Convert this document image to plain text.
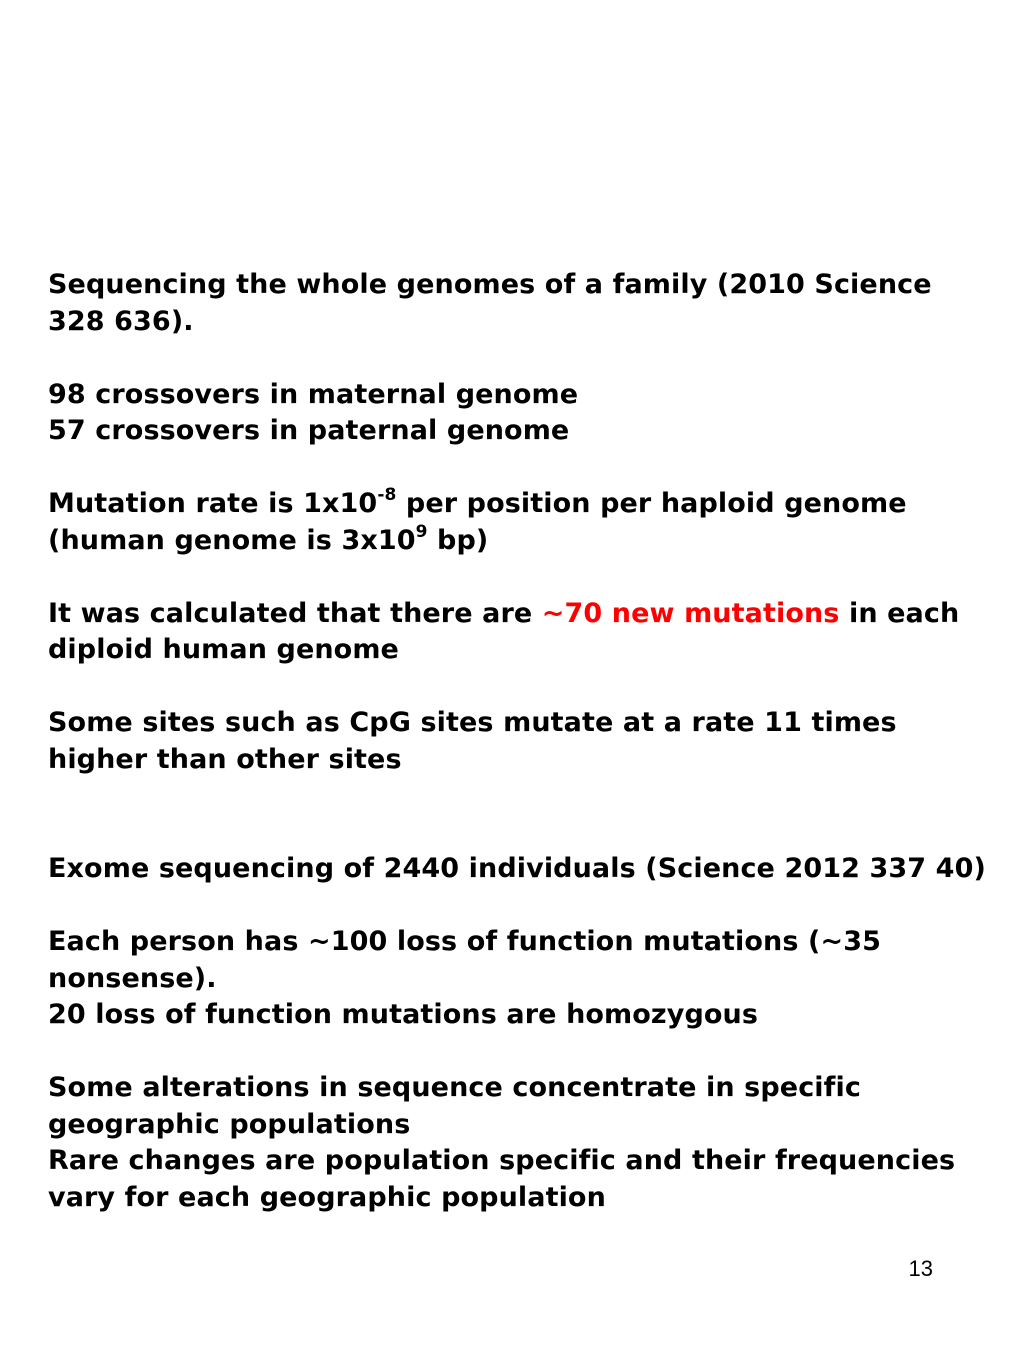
Sequencing the whole genomes of a family (2010 Science 328 636).

98 crossovers in maternal genome

57 crossovers in paternal genome

Mutation rate is $1x10^{-8}$ per position per haploid genome
(human genome is $3x10^9$ bp)

It was calculated that there are ~70 new mutations in each diploid human genome

Some sites such as CpG sites mutate at a rate 11 times higher than other sites

Exome sequencing of 2440 individuals (Science 2012 337 40)

Each person has ~100 loss of function mutations (~35 nonsense).

20 loss of function mutations are homozygous

Some alterations in sequence concentrate in specific geographic populations

Rare changes are population specific and their frequencies vary for each geographic population

13
